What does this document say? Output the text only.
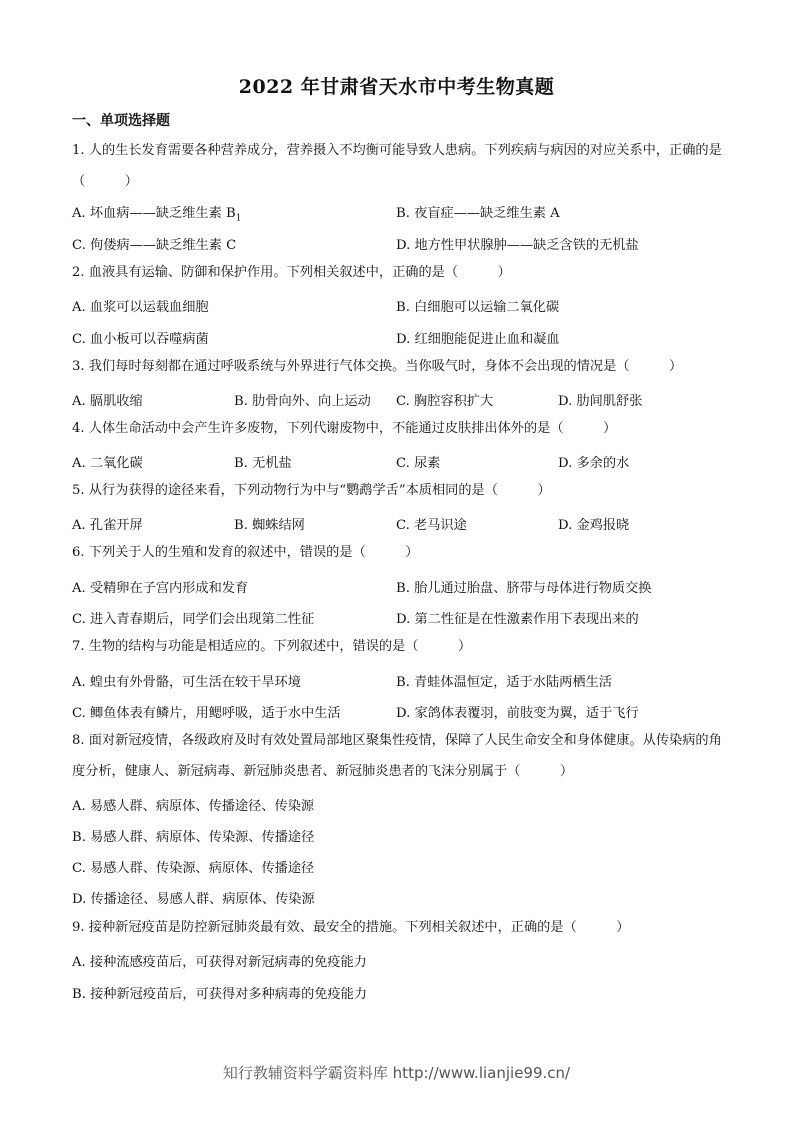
2022 年甘肃省天水市中考生物真题
一、单项选择题
1. 人的生长发育需要各种营养成分，营养摄入不均衡可能导致人患病。下列疾病与病因的对应关系中，正确的是（　　　）
A. 坏血病——缺乏维生素 $B_1$	B. 夜盲症——缺乏维生素 A
C. 佝偻病——缺乏维生素 C	D. 地方性甲状腺肿——缺乏含铁的无机盐
2. 血液具有运输、防御和保护作用。下列相关叙述中，正确的是（　　　）
A. 血浆可以运载血细胞	B. 白细胞可以运输二氧化碳
C. 血小板可以吞噬病菌	D. 红细胞能促进止血和凝血
3. 我们每时每刻都在通过呼吸系统与外界进行气体交换。当你吸气时，身体不会出现的情况是（　　　）
A. 膈肌收缩	B. 肋骨向外、向上运动 C. 胸腔容积扩大	D. 肋间肌舒张
4. 人体生命活动中会产生许多废物，下列代谢废物中，不能通过皮肤排出体外的是（　　　）
A. 二氧化碳	B. 无机盐	C. 尿素	D. 多余的水
5. 从行为获得的途径来看，下列动物行为中与“鹦鹉学舌”本质相同的是（　　　）
A. 孔雀开屏	B. 蜘蛛结网	C. 老马识途	D. 金鸡报晓
6. 下列关于人的生殖和发育的叙述中，错误的是（　　　）
A. 受精卵在子宫内形成和发育	B. 胎儿通过胎盘、脐带与母体进行物质交换
C. 进入青春期后，同学们会出现第二性征	D. 第二性征是在性激素作用下表现出来的
7. 生物的结构与功能是相适应的。下列叙述中，错误的是（　　　）
A. 蝗虫有外骨骼，可生活在较干旱环境	B. 青蛙体温恒定，适于水陆两栖生活
C. 鲫鱼体表有鳞片，用鳃呼吸，适于水中生活	D. 家鸽体表覆羽，前肢变为翼，适于飞行
8. 面对新冠疫情，各级政府及时有效处置局部地区聚集性疫情，保障了人民生命安全和身体健康。从传染病的角度分析，健康人、新冠病毒、新冠肺炎患者、新冠肺炎患者的飞沫分别属于（　　　）
A. 易感人群、病原体、传播途径、传染源
B. 易感人群、病原体、传染源、传播途径
C. 易感人群、传染源、病原体、传播途径
D. 传播途径、易感人群、病原体、传染源
9. 接种新冠疫苗是防控新冠肺炎最有效、最安全的措施。下列相关叙述中，正确的是（　　　）
A. 接种流感疫苗后，可获得对新冠病毒的免疫能力
B. 接种新冠疫苗后，可获得对多种病毒的免疫能力
知行教辅资料学霸资料库 http://www.lianjie99.cn/
